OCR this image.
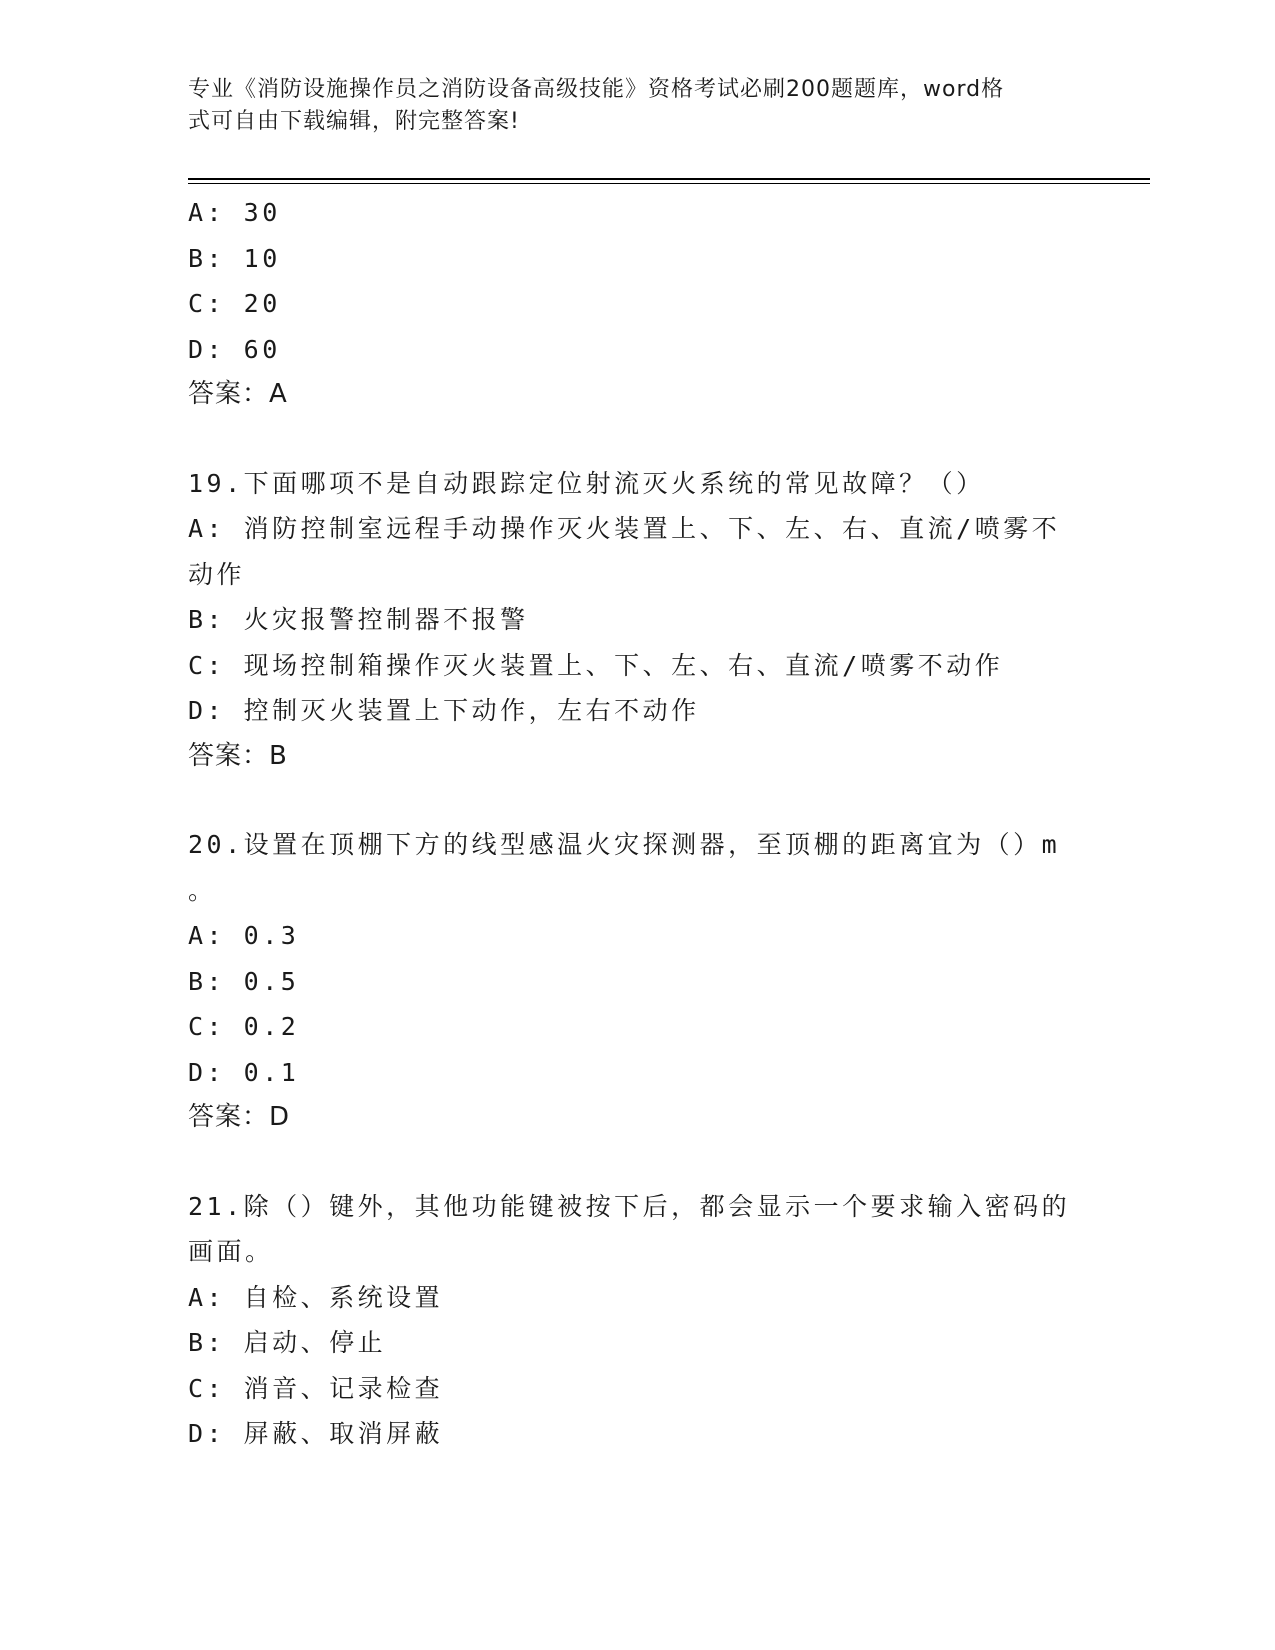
专业《消防设施操作员之消防设备高级技能》资格考试必刷200题题库，word格
式可自由下载编辑，附完整答案!
A: 30
B: 10
C: 20
D: 60
答案：A
19.下面哪项不是自动跟踪定位射流灭火系统的常见故障？（）
A: 消防控制室远程手动操作灭火装置上、下、左、右、直流/喷雾不
动作
B: 火灾报警控制器不报警
C: 现场控制箱操作灭火装置上、下、左、右、直流/喷雾不动作
D: 控制灭火装置上下动作，左右不动作
答案：B
20.设置在顶棚下方的线型感温火灾探测器，至顶棚的距离宜为（）m
。
A: 0.3
B: 0.5
C: 0.2
D: 0.1
答案：D
21.除（）键外，其他功能键被按下后，都会显示一个要求输入密码的
画面。
A: 自检、系统设置
B: 启动、停止
C: 消音、记录检查
D: 屏蔽、取消屏蔽
